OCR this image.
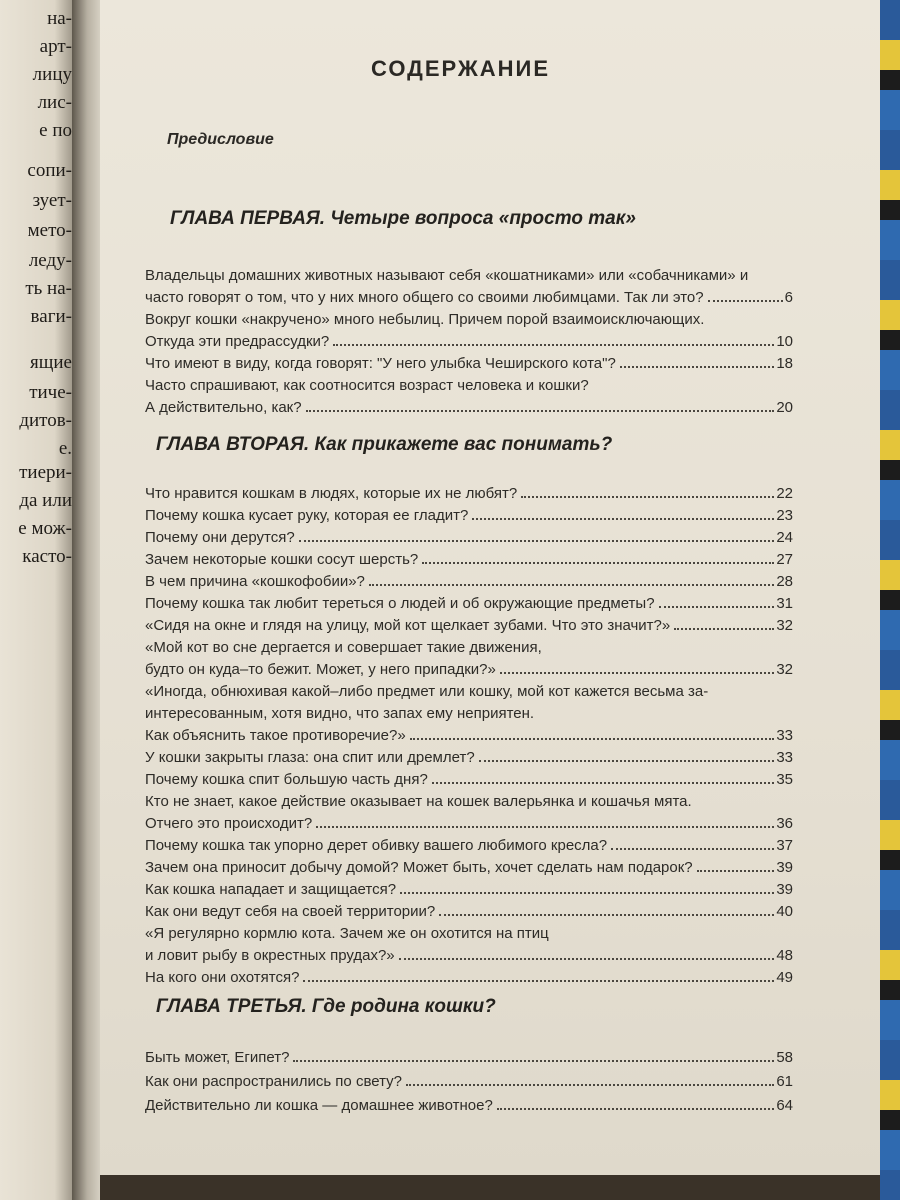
на-
арт-
лицу
лис-
е по
сопи-
зует-
мето-
леду-
ть на-
ваги-
ящие
тиче-
дитов-
е.
тиери-
да или
е мож-
касто-
СОДЕРЖАНИЕ
Предисловие
ГЛАВА ПЕРВАЯ. Четыре вопроса «просто так»
Владельцы домашних животных называют себя «кошатниками» или «собачниками» и
часто говорят о том, что у них много общего со своими любимцами. Так ли это?	6
Вокруг кошки «накручено» много небылиц. Причем порой взаимоисключающих.
Откуда эти предрассудки?	10
Что имеют в виду, когда говорят: "У него улыбка Чеширского кота"?	18
Часто спрашивают, как соотносится возраст человека и кошки?
А действительно, как?	20
ГЛАВА ВТОРАЯ. Как прикажете вас понимать?
Что нравится кошкам в людях, которые их не любят?	22
Почему кошка кусает руку, которая ее гладит?	23
Почему они дерутся?	24
Зачем некоторые кошки сосут шерсть?	27
В чем причина «кошкофобии»?	28
Почему кошка так любит тереться о людей и об окружающие предметы?	31
«Сидя на окне и глядя на улицу, мой кот щелкает зубами. Что это значит?»	32
«Мой кот во сне дергается и совершает такие движения,
будто он куда–то бежит. Может, у него припадки?»	32
«Иногда, обнюхивая какой–либо предмет или кошку, мой кот кажется весьма за-
интересованным, хотя видно, что запах ему неприятен.
Как объяснить такое противоречие?»	33
У кошки закрыты глаза: она спит или дремлет?	33
Почему кошка спит большую часть дня?	35
Кто не знает, какое действие оказывает на кошек валерьянка и кошачья мята.
Отчего это происходит?	36
Почему кошка так упорно дерет обивку вашего любимого кресла?	37
Зачем она приносит добычу домой? Может быть, хочет сделать нам подарок?	39
Как кошка нападает и защищается?	39
Как они ведут себя на своей территории?	40
«Я регулярно кормлю кота. Зачем же он охотится на птиц
и ловит рыбу в окрестных прудах?»	48
На кого они охотятся?	49
ГЛАВА ТРЕТЬЯ. Где родина кошки?
Быть может, Египет?	58
Как они распространились по свету?	61
Действительно ли кошка — домашнее животное?	64
